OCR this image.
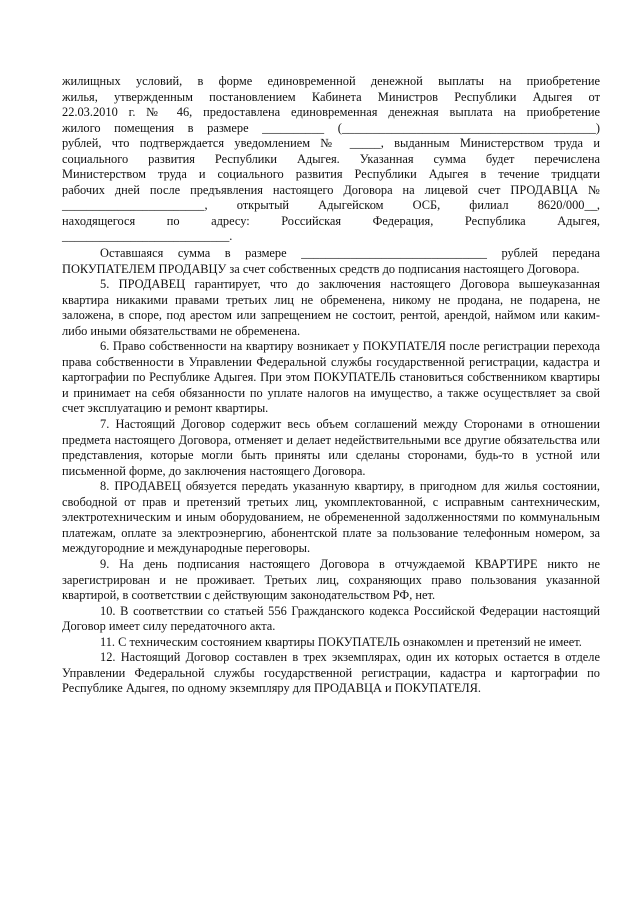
жилищных условий, в форме единовременной денежной выплаты на приобретение
жилья, утвержденным постановлением Кабинета Министров Республики Адыгея от
22.03.2010 г. № 46, предоставлена единовременная денежная выплата на приобретение
жилого помещения в размере __________ (_________________________________________)
рублей, что подтверждается уведомлением № _____, выданным Министерством труда и
социального развития Республики Адыгея. Указанная сумма будет перечислена
Министерством труда и социального развития Республики Адыгея в течение тридцати
рабочих дней после предъявления настоящего Договора на лицевой счет ПРОДАВЦА №
_______________________, открытый Адыгейском ОСБ, филиал 8620/000__,
находящегося по адресу: Российская Федерация, Республика Адыгея,
___________________________.

Оставшаяся сумма в размере ______________________________ рублей передана ПОКУПАТЕЛЕМ ПРОДАВЦУ за счет собственных средств до подписания настоящего Договора.

5. ПРОДАВЕЦ гарантирует, что до заключения настоящего Договора вышеуказанная квартира никакими правами третьих лиц не обременена, никому не продана, не подарена, не заложена, в споре, под арестом или запрещением не состоит, рентой, арендой, наймом или каким-либо иными обязательствами не обременена.

6. Право собственности на квартиру возникает у ПОКУПАТЕЛЯ после регистрации перехода права собственности в Управлении Федеральной службы государственной регистрации, кадастра и картографии по Республике Адыгея. При этом ПОКУПАТЕЛЬ становиться собственником квартиры и принимает на себя обязанности по уплате налогов на имущество, а также осуществляет за свой счет эксплуатацию и ремонт квартиры.

7. Настоящий Договор содержит весь объем соглашений между Сторонами в отношении предмета настоящего Договора, отменяет и делает недействительными все другие обязательства или представления, которые могли быть приняты или сделаны сторонами, будь-то в устной или письменной форме, до заключения настоящего Договора.

8. ПРОДАВЕЦ обязуется передать указанную квартиру, в пригодном для жилья состоянии, свободной от прав и претензий третьих лиц, укомплектованной, с исправным сантехническим, электротехническим и иным оборудованием, не обремененной задолженностями по коммунальным платежам, оплате за электроэнергию, абонентской плате за пользование телефонным номером, за междугородние и международные переговоры.

9. На день подписания настоящего Договора в отчуждаемой КВАРТИРЕ никто не зарегистрирован и не проживает. Третьих лиц, сохраняющих право пользования указанной квартирой, в соответствии с действующим законодательством РФ, нет.

10. В соответствии со статьей 556 Гражданского кодекса Российской Федерации настоящий Договор имеет силу передаточного акта.

11. С техническим состоянием квартиры ПОКУПАТЕЛЬ ознакомлен и претензий не имеет.

12. Настоящий Договор составлен в трех экземплярах, один их которых остается в отделе Управлении Федеральной службы государственной регистрации, кадастра и картографии по Республике Адыгея, по одному экземпляру для ПРОДАВЦА и ПОКУПАТЕЛЯ.
